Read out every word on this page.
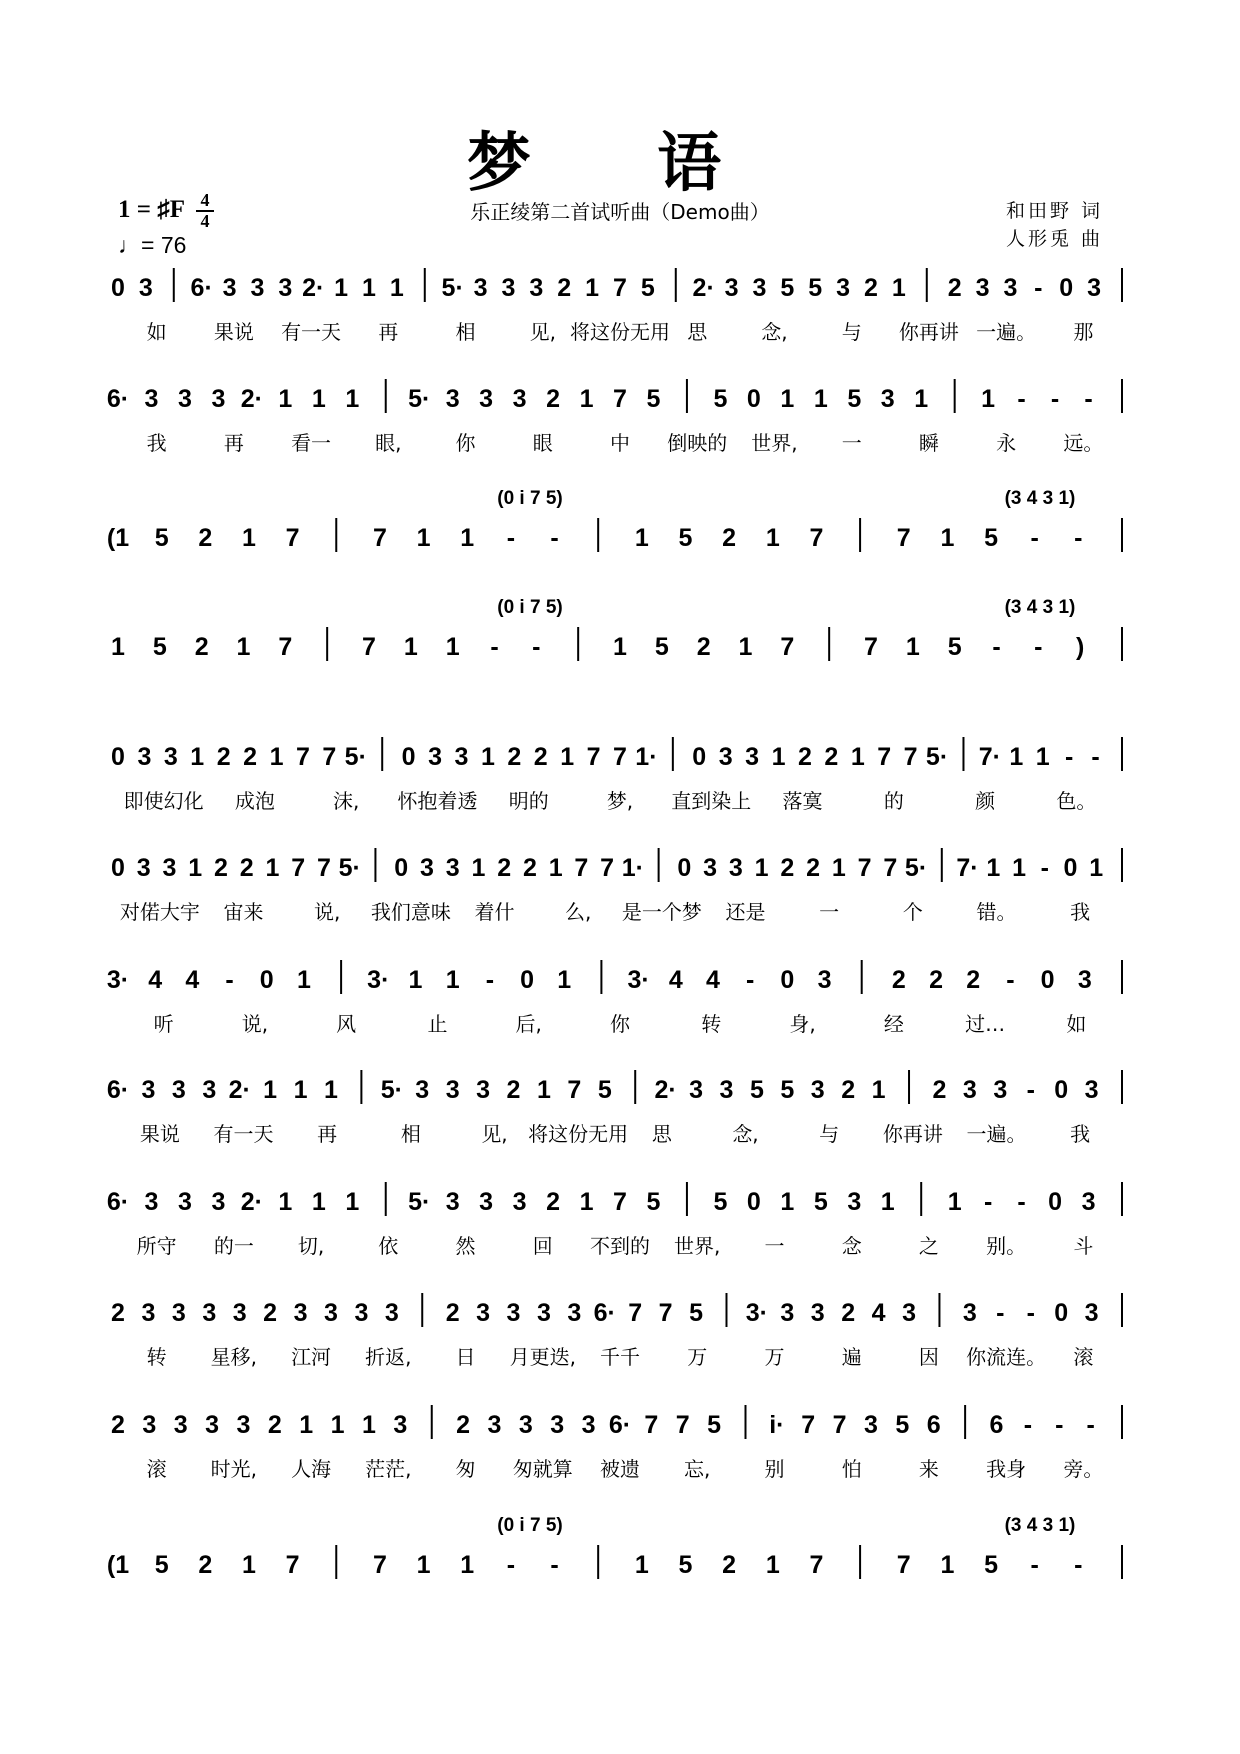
梦 语
1 = ♯F 4
4
♩= 76
乐正绫第二首试听曲（Demo曲）	和田野 词
人形兎 曲
0 3 6· 3 3 3 2· 1 1 1 5· 3 3 3 2 1 7 5 2· 3 3 5 5 3 2 1 2 3 3 - 0 3
如 果说 有一天 再	相	见, 将这份无用 思	念,	与 你再讲 一遍。 那
6· 3 3 3 2· 1 1 1 5· 3 3 3 2 1 7 5 5 0 1 1 5 3 1 1 - - -
我	再 看一 眼,	你	眼	中 倒映的 世界, 一	瞬	永 远。
(0 i 7 5)	(3 4 3 1)
(1 5 2 1 7	7 1 1 - -	1 5 2 1 7	7 1 5 - -
(0 i 7 5)	(3 4 3 1)
1 5 2 1 7	7 1 1 - -	1 5 2 1 7	7 1 5 - - )
0 3 3 1 2 2 1 7 7 5· 0 3 3 1 2 2 1 7 7 1· 0 3 3 1 2 2 1 7 7 5· 7· 1 1 - -
即使幻化 成泡	沫, 怀抱着透 明的	梦, 直到染上 落寞	的	颜	色。
0 3 3 1 2 2 1 7 7 5· 0 3 3 1 2 2 1 7 7 1· 0 3 3 1 2 2 1 7 7 5· 7· 1 1 - 0 1
对偌大宇 宙来	说, 我们意味 着什	么, 是一个梦 还是	一	个	错。	我
3· 4 4 - 0 1 3· 1 1 - 0 1 3· 4 4 - 0 3 2 2 2 - 0 3
听	说,	风	止	后,	你	转	身,	经	过…	如
6· 3 3 3 2· 1 1 1 5· 3 3 3 2 1 7 5 2· 3 3 5 5 3 2 1 2 3 3 - 0 3
果说 有一天 再	相	见, 将这份无用 思	念,	与 你再讲 一遍。 我
6· 3 3 3 2· 1 1 1 5· 3 3 3 2 1 7 5 5 0 1 5 3 1 1 - - 0 3
所守 的一 切,	依	然	回 不到的 世界, 一	念	之 别。 斗
2 3 3 3 3 2 3 3 3 3 2 3 3 3 3 6· 7 7 5 3· 3 3 2 4 3 3 - - 0 3
转 星移, 江河 折返, 日 月更迭, 千千 万	万	遍	因 你流连。 滚
2 3 3 3 3 2 1 1 1 3 2 3 3 3 3 6· 7 7 5 i· 7 7 3 5 6 6 - - -
滚 时光, 人海 茫茫, 匆 匆就算 被遗 忘,	别	怕	来 我身 旁。
(0 i 7 5)	(3 4 3 1)
(1 5 2 1 7	7 1 1 - -	1 5 2 1 7	7 1 5 - -
